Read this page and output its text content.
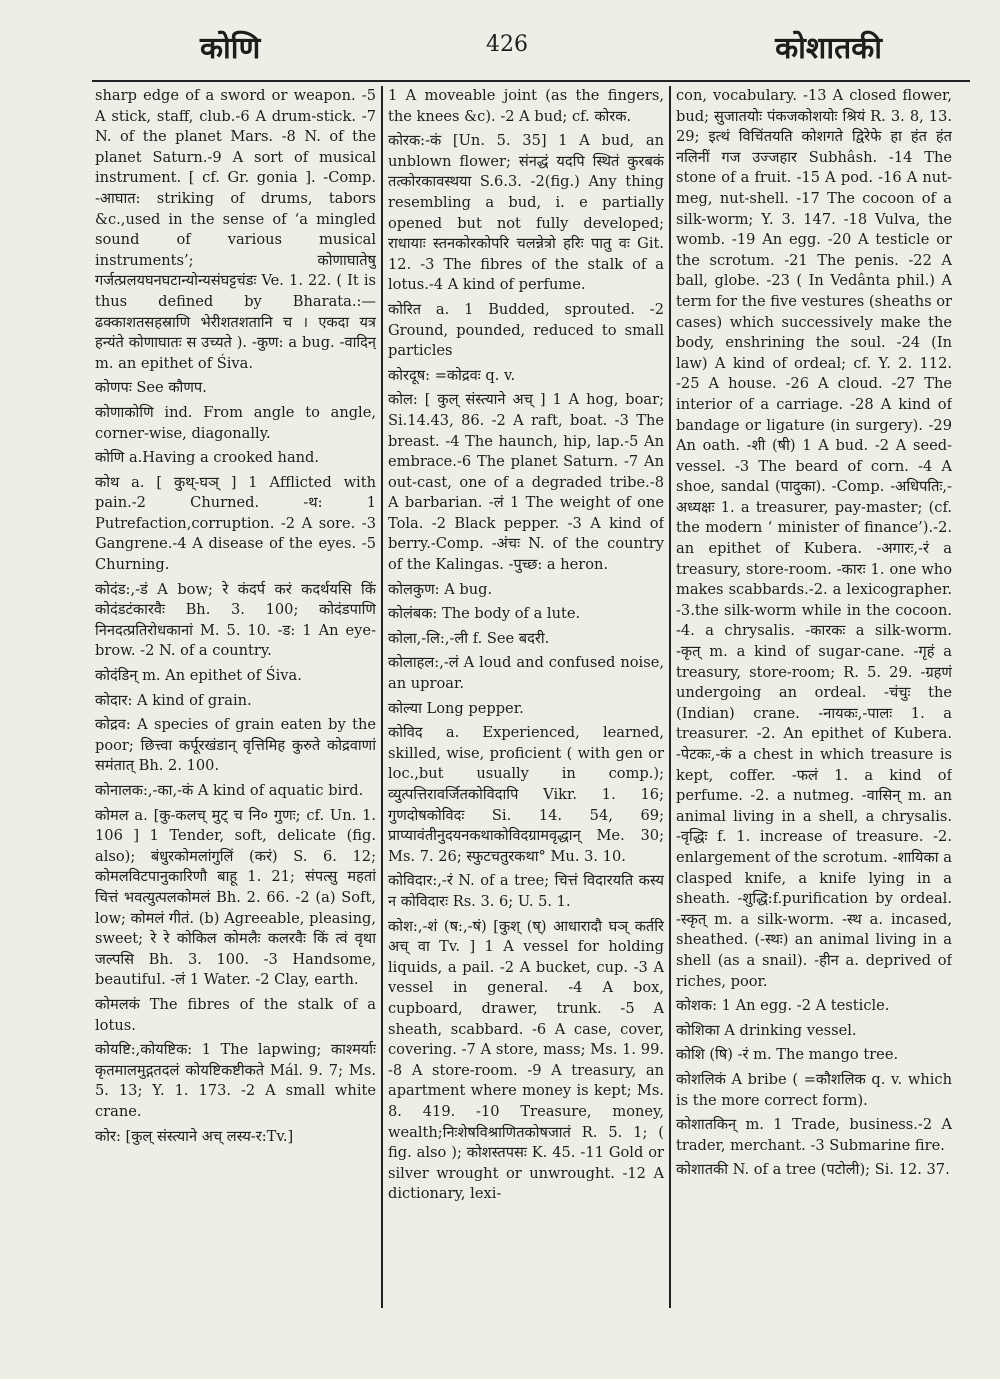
कोणि	426	कोशातकी

sharp edge of a sword or weapon. -5 A stick, staff, club.-6 A drum-stick. -7 N. of the planet Mars. -8 N. of the planet Saturn.-9 A sort of musical instrument. [ cf. Gr. gonia ]. -Comp. -आघात: striking of drums, tabors &c.,used in the sense of ‘a mingled sound of various musical instruments’; कोणाघातेषु गर्जत्प्रलयघनघटान्योन्यसंघट्टचंडः Ve. 1. 22. ( It is thus defined by Bharata.:— ढक्काशतसहस्राणि भेरीशतशतानि च । एकदा यत्र हन्यंते कोणाघातः स उच्यते ). -कुण: a bug. -वादिन् m. an epithet of Śiva.

कोणपः See कौणप.

कोणाकोणि ind. From angle to angle, corner-wise, diagonally.

कोणि a.Having a crooked hand.

कोथ a. [ कुथ्-घञ् ] 1 Afflicted with pain.-2 Churned. -थ: 1 Putrefaction,corruption. -2 A sore. -3 Gangrene.-4 A disease of the eyes. -5 Churning.

कोदंड:,-डं A bow; रे कंदर्प करं कदर्थयसि किं कोदंडटंकारवैः Bh. 3. 100; कोदंडपाणि निनदत्प्रतिरोधकानां M. 5. 10. -ड: 1 An eye-brow. -2 N. of a country.

कोदंडिन् m. An epithet of Śiva.

कोदार: A kind of grain.

कोद्रव: A species of grain eaten by the poor; छित्त्वा कर्पूरखंडान् वृत्तिमिह कुरुते कोद्रवाणां समंतात् Bh. 2. 100.

कोनालक:,-का,-कं A kind of aquatic bird.

कोमल a. [कु-कलच् मुट् च नि० गुणः; cf. Un. 1. 106 ] 1 Tender, soft, delicate (fig. also); बंधुरकोमलांगुलिं (करं) S. 6. 12; कोमलविटपानुकारिणौ बाहू 1. 21; संपत्सु महतां चित्तं भवत्युत्पलकोमलं Bh. 2. 66. -2 (a) Soft, low; कोमलं गीतं. (b) Agreeable, pleasing, sweet; रे रे कोकिल कोमलैः कलरवैः किं त्वं वृथा जल्पसि Bh. 3. 100. -3 Handsome, beautiful. -लं 1 Water. -2 Clay, earth.

कोमलकं The fibres of the stalk of a lotus.

कोयष्टि:,कोयष्टिक: 1 The lapwing; काश्मर्याः कृतमालमुद्गतदलं कोयष्टिकष्टीकते Mál. 9. 7; Ms. 5. 13; Y. 1. 173. -2 A small white crane.

कोर: [कुल् संस्त्याने अच् लस्य-र:Tv.]

1 A moveable joint (as the fingers, the knees &c). -2 A bud; cf. कोरक.

कोरक:-कं [Un. 5. 35] 1 A bud, an unblown flower; संनद्धं यदपि स्थितं कुरबकं तत्कोरकावस्थया S.6.3. -2(fig.) Any thing resembling a bud, i. e partially opened but not fully developed; राधायाः स्तनकोरकोपरि चलन्नेत्रो हरिः पातु वः Git. 12. -3 The fibres of the stalk of a lotus.-4 A kind of perfume.

कोरित a. 1 Budded, sprouted. -2 Ground, pounded, reduced to small particles

कोरदूष: =कोद्रवः q. v.

कोल: [ कुल् संस्त्याने अच् ] 1 A hog, boar; Si.14.43, 86. -2 A raft, boat. -3 The breast. -4 The haunch, hip, lap.-5 An embrace.-6 The planet Saturn. -7 An out-cast, one of a degraded tribe.-8 A barbarian. -लं 1 The weight of one Tola. -2 Black pepper. -3 A kind of berry.-Comp. -अंचः N. of the country of the Kalingas. -पुच्छ: a heron.

कोलकुण: A bug.

कोलंबक: The body of a lute.

कोला,-लि:,-ली f. See बदरी.

कोलाहल:,-लं A loud and confused noise, an uproar.

कोल्या Long pepper.

कोविद a. Experienced, learned, skilled, wise, proficient ( with gen or loc.,but usually in comp.); व्युत्पत्तिरावर्जितकोविदापि Vikr. 1. 16; गुणदोषकोविदः Si. 14. 54, 69; प्राप्यावंतीनुदयनकथाकोविदग्रामवृद्धान् Me. 30; Ms. 7. 26; स्फुटचतुरकथा° Mu. 3. 10.

कोविदार:,-रं N. of a tree; चित्तं विदारयति कस्य न कोविदारः Rs. 3. 6; U. 5. 1.

कोश:,-शं (ष:,-षं) [कुश् (ष्) आधारादौ घञ् कर्तरि अच् वा Tv. ] 1 A vessel for holding liquids, a pail. -2 A bucket, cup. -3 A vessel in general. -4 A box, cupboard, drawer, trunk. -5 A sheath, scabbard. -6 A case, cover, covering. -7 A store, mass; Ms. 1. 99. -8 A store-room. -9 A treasury, an apartment where money is kept; Ms. 8. 419. -10 Treasure, money, wealth;निःशेषविश्राणितकोषजातं R. 5. 1; ( fig. also ); कोशस्तपसः K. 45. -11 Gold or silver wrought or unwrought. -12 A dictionary, lexi-

con, vocabulary. -13 A closed flower, bud; सुजातयोः पंकजकोशयोः श्रियं R. 3. 8, 13. 29; इत्थं विचिंतयति कोशगते द्विरेफे हा हंत हंत नलिनीं गज उज्जहार Subhâsh. -14 The stone of a fruit. -15 A pod. -16 A nut-meg, nut-shell. -17 The cocoon of a silk-worm; Y. 3. 147. -18 Vulva, the womb. -19 An egg. -20 A testicle or the scrotum. -21 The penis. -22 A ball, globe. -23 ( In Vedânta phil.) A term for the five vestures (sheaths or cases) which successively make the body, enshrining the soul. -24 (In law) A kind of ordeal; cf. Y. 2. 112. -25 A house. -26 A cloud. -27 The interior of a carriage. -28 A kind of bandage or ligature (in surgery). -29 An oath. -शी (षी) 1 A bud. -2 A seed-vessel. -3 The beard of corn. -4 A shoe, sandal (पादुका). -Comp. -अधिपतिः,-अध्यक्षः 1. a treasurer, pay-master; (cf. the modern ‘ minister of finance’).-2. an epithet of Kubera. -अगारः,-रं a treasury, store-room. -कारः 1. one who makes scabbards.-2. a lexicographer. -3.the silk-worm while in the cocoon. -4. a chrysalis. -कारकः a silk-worm. -कृत् m. a kind of sugar-cane. -गृहं a treasury, store-room; R. 5. 29. -ग्रहणं undergoing an ordeal. -चंचुः the (Indian) crane. -नायकः,-पालः 1. a treasurer. -2. An epithet of Kubera. -पेटकः,-कं a chest in which treasure is kept, coffer. -फलं 1. a kind of perfume. -2. a nutmeg. -वासिन् m. an animal living in a shell, a chrysalis. -वृद्धिः f. 1. increase of treasure. -2. enlargement of the scrotum. -शायिका a clasped knife, a knife lying in a sheath. -शुद्धि:f.purification by ordeal. -स्कृत् m. a silk-worm. -स्थ a. incased, sheathed. (-स्थः) an animal living in a shell (as a snail). -हीन a. deprived of riches, poor.

कोशक: 1 An egg. -2 A testicle.

कोशिका A drinking vessel.

कोशि (षि) -रं m. The mango tree.

कोशलिकं A bribe ( =कौशलिक q. v. which is the more correct form).

कोशातकिन् m. 1 Trade, business.-2 A trader, merchant. -3 Submarine fire.

कोशातकी N. of a tree (पटोली); Si. 12. 37.
